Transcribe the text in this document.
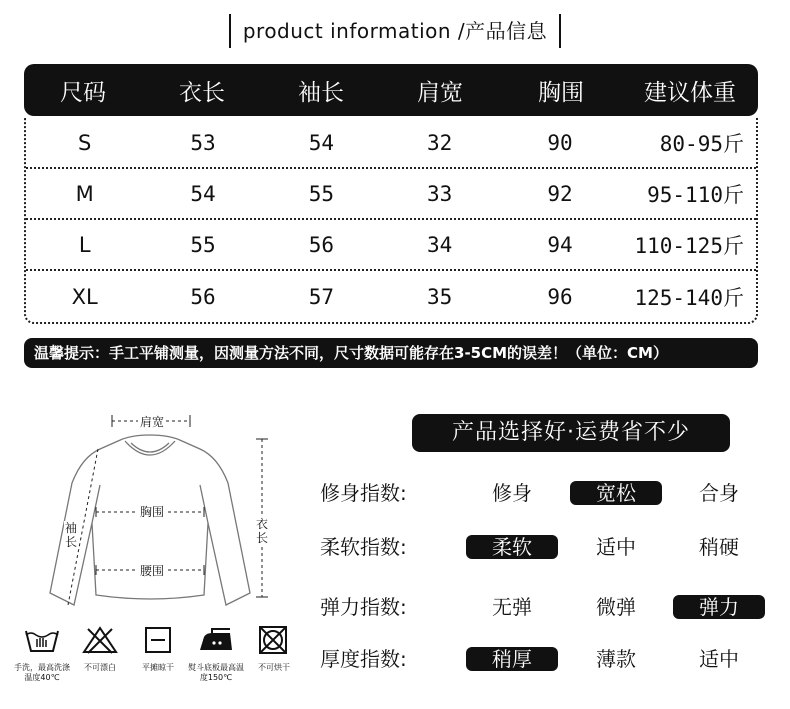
product information /产品信息
尺码	衣长	袖长	肩宽	胸围	建议体重
S	53	54	32	90	80-95斤
M	54	55	33	92	95-110斤
L	55	56	34	94	110-125斤
XL	56	57	35	96	125-140斤
温馨提示：手工平铺测量，因测量方法不同，尺寸数据可能存在3-5CM的误差！（单位：CM）
肩宽
胸围
腰围
袖长
衣长
手洗，最高洗涤温度40℃
不可漂白	平摊晾干	熨斗底板最高温度150℃
不可烘干
产品选择好·运费省不少
修身指数:	修身	宽松	合身
柔软指数:	柔软	适中	稍硬
弹力指数:	无弹	微弹	弹力
厚度指数:	稍厚	薄款	适中
